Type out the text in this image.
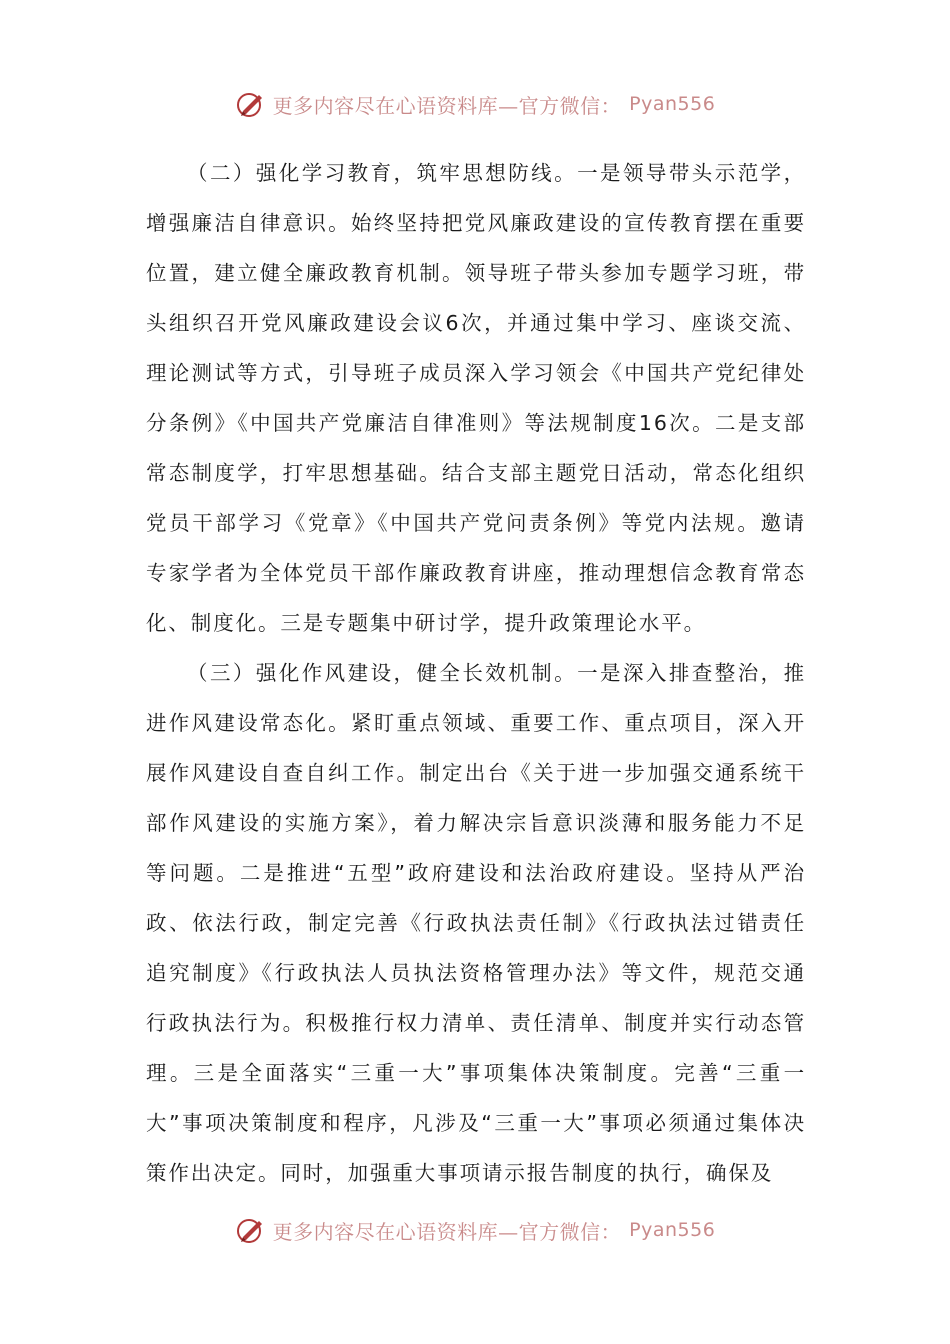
更多内容尽在心语资料库—官方微信： Pyan556

（二）强化学习教育，筑牢思想防线。一是领导带头示范学，增强廉洁自律意识。始终坚持把党风廉政建设的宣传教育摆在重要位置，建立健全廉政教育机制。领导班子带头参加专题学习班，带头组织召开党风廉政建设会议6次，并通过集中学习、座谈交流、理论测试等方式，引导班子成员深入学习领会《中国共产党纪律处分条例》《中国共产党廉洁自律准则》等法规制度16次。二是支部常态制度学，打牢思想基础。结合支部主题党日活动，常态化组织党员干部学习《党章》《中国共产党问责条例》等党内法规。邀请专家学者为全体党员干部作廉政教育讲座，推动理想信念教育常态化、制度化。三是专题集中研讨学，提升政策理论水平。

（三）强化作风建设，健全长效机制。一是深入排查整治，推进作风建设常态化。紧盯重点领域、重要工作、重点项目，深入开展作风建设自查自纠工作。制定出台《关于进一步加强交通系统干部作风建设的实施方案》，着力解决宗旨意识淡薄和服务能力不足等问题。二是推进“五型”政府建设和法治政府建设。坚持从严治政、依法行政，制定完善《行政执法责任制》《行政执法过错责任追究制度》《行政执法人员执法资格管理办法》等文件，规范交通行政执法行为。积极推行权力清单、责任清单、制度并实行动态管理。三是全面落实“三重一大”事项集体决策制度。完善“三重一大”事项决策制度和程序，凡涉及“三重一大”事项必须通过集体决策作出决定。同时，加强重大事项请示报告制度的执行，确保及

更多内容尽在心语资料库—官方微信： Pyan556
